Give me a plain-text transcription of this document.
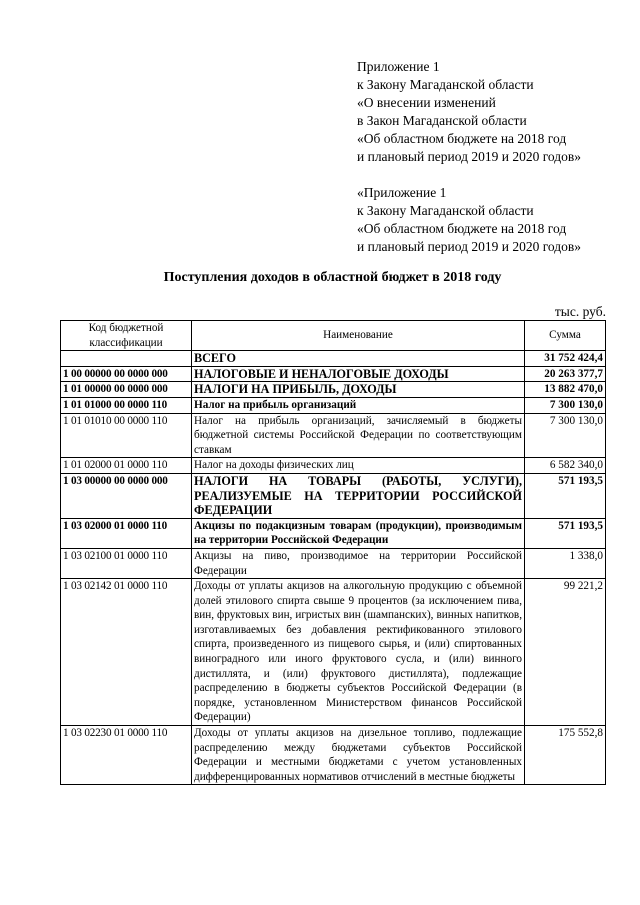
Приложение 1
к Закону Магаданской области
«О внесении изменений
в Закон Магаданской области
«Об областном бюджете на 2018 год
и плановый период 2019 и 2020 годов»
«Приложение 1
к Закону Магаданской области
«Об областном бюджете на 2018 год
и плановый период 2019 и 2020 годов»
Поступления доходов в областной бюджет в 2018 году
тыс. руб.
Код бюджетной классификации	Наименование	Сумма
	ВСЕГО	31 752 424,4
1 00 00000 00 0000 000	НАЛОГОВЫЕ И НЕНАЛОГОВЫЕ ДОХОДЫ	20 263 377,7
1 01 00000 00 0000 000	НАЛОГИ НА ПРИБЫЛЬ, ДОХОДЫ	13 882 470,0
1 01 01000 00 0000 110	Налог на прибыль организаций	7 300 130,0
1 01 01010 00 0000 110	Налог на прибыль организаций, зачисляемый в бюджеты бюджетной системы Российской Федерации по соответствующим ставкам	7 300 130,0
1 01 02000 01 0000 110	Налог на доходы физических лиц	6 582 340,0
1 03 00000 00 0000 000	НАЛОГИ НА ТОВАРЫ (РАБОТЫ, УСЛУГИ), РЕАЛИЗУЕМЫЕ НА ТЕРРИТОРИИ РОССИЙСКОЙ ФЕДЕРАЦИИ	571 193,5
1 03 02000 01 0000 110	Акцизы по подакцизным товарам (продукции), производимым на территории Российской Федерации	571 193,5
1 03 02100 01 0000 110	Акцизы на пиво, производимое на территории Российской Федерации	1 338,0
1 03 02142 01 0000 110	Доходы от уплаты акцизов на алкогольную продукцию с объемной долей этилового спирта свыше 9 процентов (за исключением пива, вин, фруктовых вин, игристых вин (шампанских), винных напитков, изготавливаемых без добавления ректификованного этилового спирта, произведенного из пищевого сырья, и (или) спиртованных виноградного или иного фруктового сусла, и (или) винного дистиллята, и (или) фруктового дистиллята), подлежащие распределению в бюджеты субъектов Российской Федерации (в порядке, установленном Министерством финансов Российской Федерации)	99 221,2
1 03 02230 01 0000 110	Доходы от уплаты акцизов на дизельное топливо, подлежащие распределению между бюджетами субъектов Российской Федерации и местными бюджетами с учетом установленных дифференцированных нормативов отчислений в местные бюджеты	175 552,8
